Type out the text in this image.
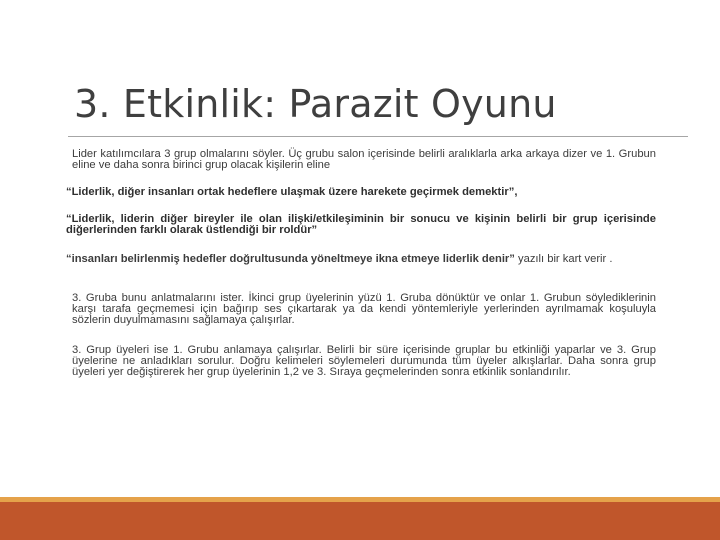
3. Etkinlik: Parazit Oyunu
Lider katılımcılara 3 grup olmalarını söyler. Üç grubu salon içerisinde belirli aralıklarla arka arkaya dizer ve 1. Grubun eline ve daha sonra birinci grup olacak kişilerin eline
“Liderlik, diğer insanları ortak hedeflere ulaşmak üzere harekete geçirmek demektir”,
“Liderlik, liderin diğer bireyler ile olan ilişki/etkileşiminin bir sonucu ve kişinin belirli bir grup içerisinde diğerlerinden farklı olarak üstlendiği bir roldür”
“insanları belirlenmiş hedefler doğrultusunda yöneltmeye ikna etmeye liderlik denir” yazılı bir kart verir .
3. Gruba bunu anlatmalarını ister. İkinci grup üyelerinin yüzü 1. Gruba dönüktür ve onlar 1. Grubun söylediklerinin karşı tarafa geçmemesi için bağırıp ses çıkartarak ya da kendi yöntemleriyle yerlerinden ayrılmamak koşuluyla sözlerin duyulmamasını sağlamaya çalışırlar.
3. Grup üyeleri ise 1. Grubu anlamaya çalışırlar. Belirli bir süre içerisinde gruplar bu etkinliği yaparlar ve 3. Grup üyelerine ne anladıkları sorulur. Doğru kelimeleri söylemeleri durumunda tüm üyeler alkışlarlar. Daha sonra grup üyeleri yer değiştirerek her grup üyelerinin 1,2 ve 3. Sıraya geçmelerinden sonra etkinlik sonlandırılır.
